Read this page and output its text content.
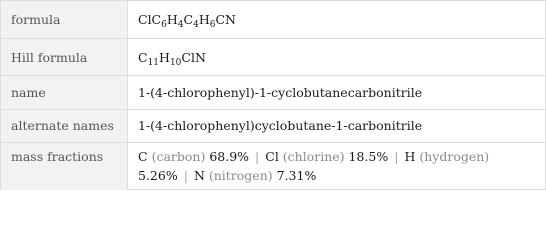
formula	$ClC_6H_4C_4H_6CN$
Hill formula	$C_{11}H_{10}ClN$
name	1-(4-chlorophenyl)-1-cyclobutanecarbonitrile
alternate names 1-(4-chlorophenyl)cyclobutane-1-carbonitrile
mass fractions	C (carbon) 68.9% | Cl (chlorine) 18.5% | H (hydrogen)
5.26% | N (nitrogen) 7.31%
